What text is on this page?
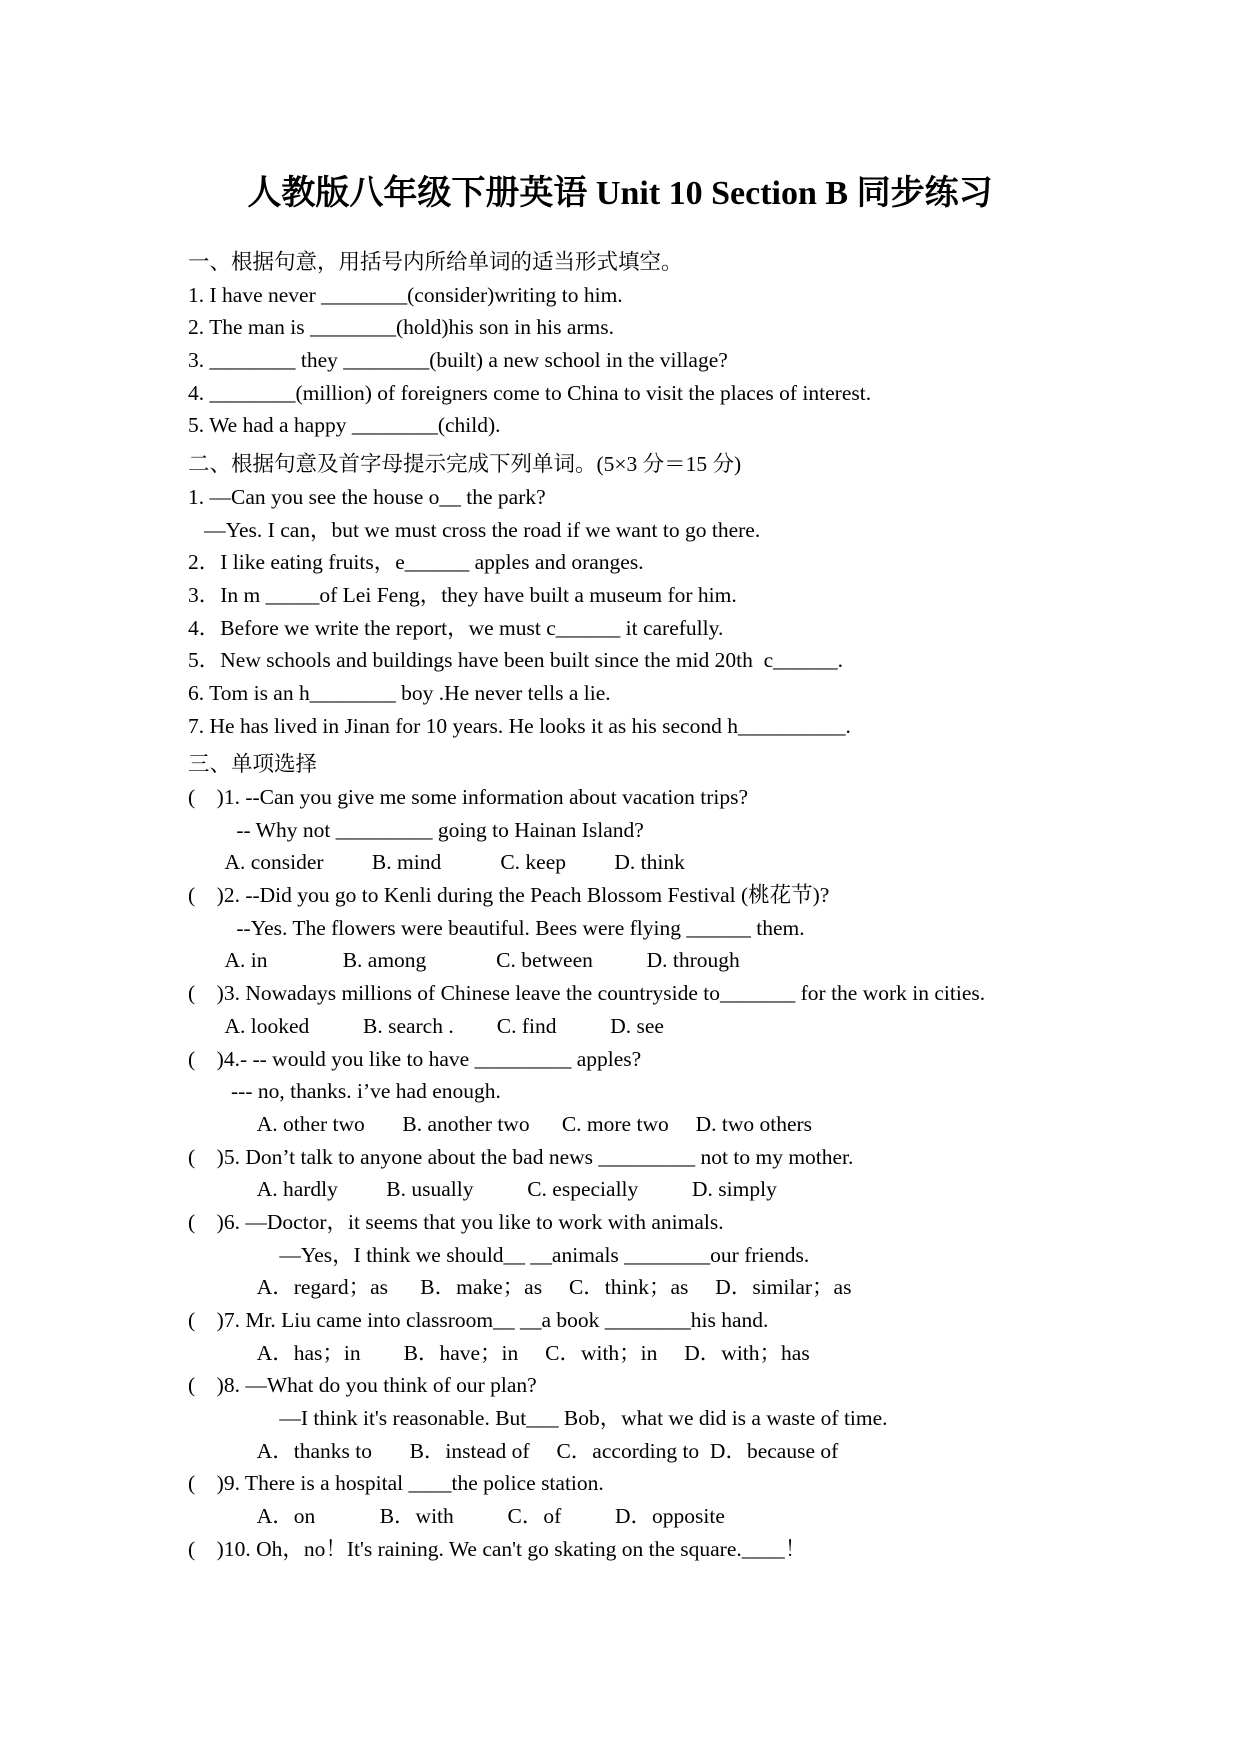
人教版八年级下册英语 Unit 10 Section B 同步练习
一、根据句意，用括号内所给单词的适当形式填空。
1. I have never ________(consider)writing to him.
2. The man is ________(hold)his son in his arms.
3. ________ they ________(built) a new school in the village?
4. ________(million) of foreigners come to China to visit the places of interest.
5. We had a happy ________(child).
二、根据句意及首字母提示完成下列单词。(5×3 分＝15 分)
1. —Can you see the house o__ the park?
—Yes. I can，but we must cross the road if we want to go there.
2．I like eating fruits，e______ apples and oranges.
3．In m _____of Lei Feng，they have built a museum for him.
4．Before we write the report，we must c______ it carefully.
5．New schools and buildings have been built since the mid 20th  c______.
6. Tom is an h________ boy .He never tells a lie.
7. He has lived in Jinan for 10 years. He looks it as his second h__________.
三、单项选择
(    )1. --Can you give me some information about vacation trips?
-- Why not _________ going to Hainan Island?
A. consider         B. mind           C. keep         D. think
(    )2. --Did you go to Kenli during the Peach Blossom Festival (桃花节)?
--Yes. The flowers were beautiful. Bees were flying ______ them.
A. in              B. among             C. between          D. through
(    )3. Nowadays millions of Chinese leave the countryside to_______ for the work in cities.
A. looked          B. search .        C. find          D. see
(    )4.- -- would you like to have _________ apples?
--- no, thanks. i’ve had enough.
A. other two       B. another two      C. more two     D. two others
(    )5. Don’t talk to anyone about the bad news _________ not to my mother.
A. hardly         B. usually          C. especially          D. simply
(    )6. —Doctor，it seems that you like to work with animals.
—Yes，I think we should__ __animals ________our friends.
A．regard；as      B．make；as     C．think；as     D．similar；as
(    )7. Mr. Liu came into classroom__ __a book ________his hand.
A．has；in        B．have；in     C．with；in     D．with；has
(    )8. —What do you think of our plan?
—I think it's reasonable. But___ Bob，what we did is a waste of time.
A．thanks to       B．instead of     C．according to  D．because of
(    )9. There is a hospital ____the police station.
A．on            B．with          C．of          D．opposite
(    )10. Oh，no！It's raining. We can't go skating on the square.____！
